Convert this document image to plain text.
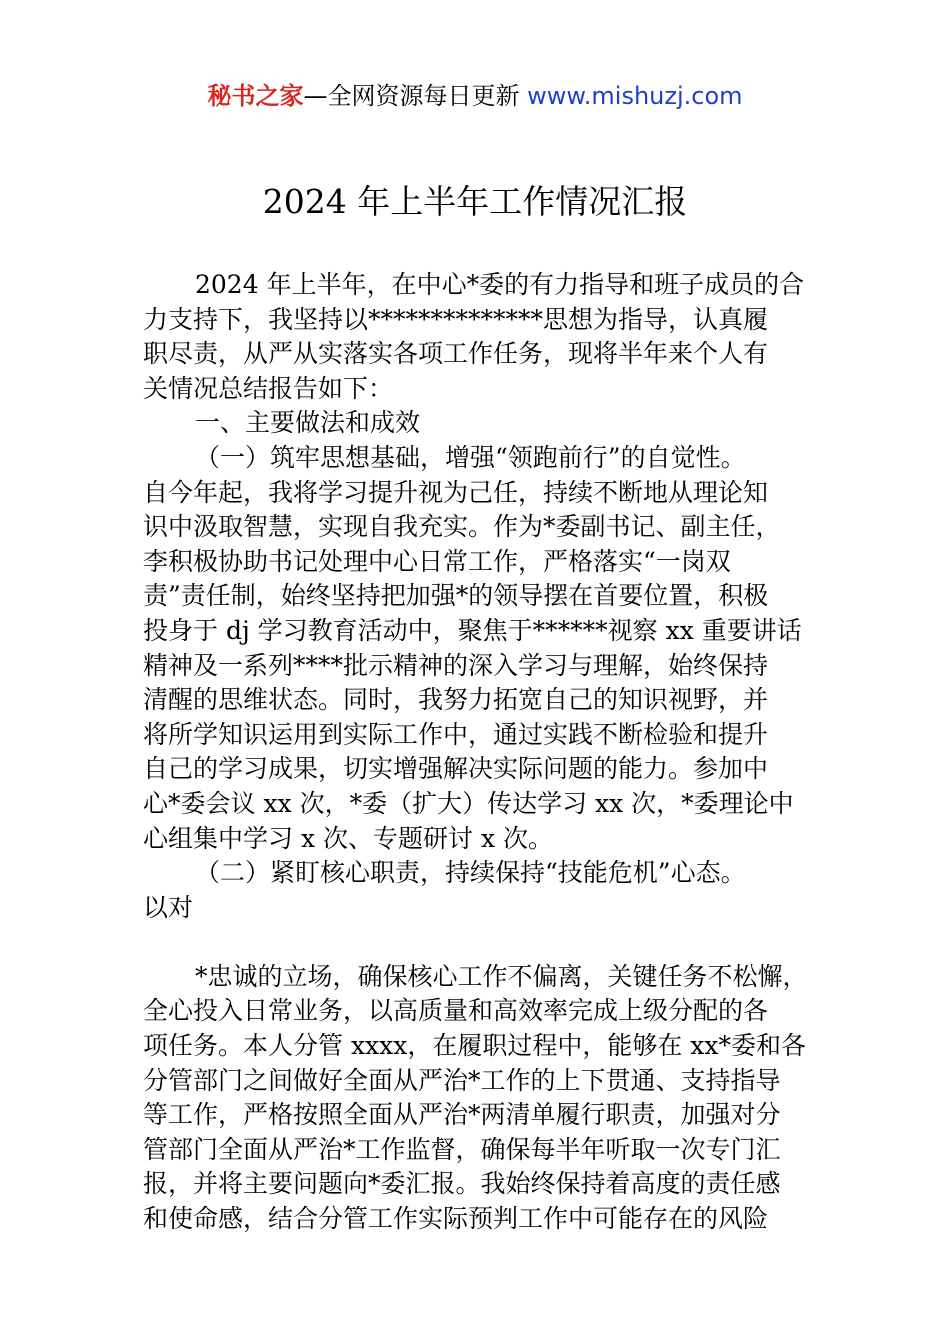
秘书之家—全网资源每日更新 www.mishuzj.com
2024 年上半年工作情况汇报
2024 年上半年，在中心*委的有力指导和班子成员的合
力支持下，我坚持以**************思想为指导，认真履
职尽责，从严从实落实各项工作任务，现将半年来个人有
关情况总结报告如下：
一、主要做法和成效
（一）筑牢思想基础，增强“领跑前行”的自觉性。
自今年起，我将学习提升视为己任，持续不断地从理论知
识中汲取智慧，实现自我充实。作为*委副书记、副主任，
李积极协助书记处理中心日常工作，严格落实“一岗双
责”责任制，始终坚持把加强*的领导摆在首要位置，积极
投身于 dj 学习教育活动中，聚焦于******视察 xx 重要讲话
精神及一系列****批示精神的深入学习与理解，始终保持
清醒的思维状态。同时，我努力拓宽自己的知识视野，并
将所学知识运用到实际工作中，通过实践不断检验和提升
自己的学习成果，切实增强解决实际问题的能力。参加中
心*委会议 xx 次，*委（扩大）传达学习 xx 次，*委理论中
心组集中学习 x 次、专题研讨 x 次。
（二）紧盯核心职责，持续保持“技能危机”心态。
以对
*忠诚的立场，确保核心工作不偏离，关键任务不松懈，
全心投入日常业务，以高质量和高效率完成上级分配的各
项任务。本人分管 xxxx，在履职过程中，能够在 xx*委和各
分管部门之间做好全面从严治*工作的上下贯通、支持指导
等工作，严格按照全面从严治*两清单履行职责，加强对分
管部门全面从严治*工作监督，确保每半年听取一次专门汇
报，并将主要问题向*委汇报。我始终保持着高度的责任感
和使命感，结合分管工作实际预判工作中可能存在的风险
